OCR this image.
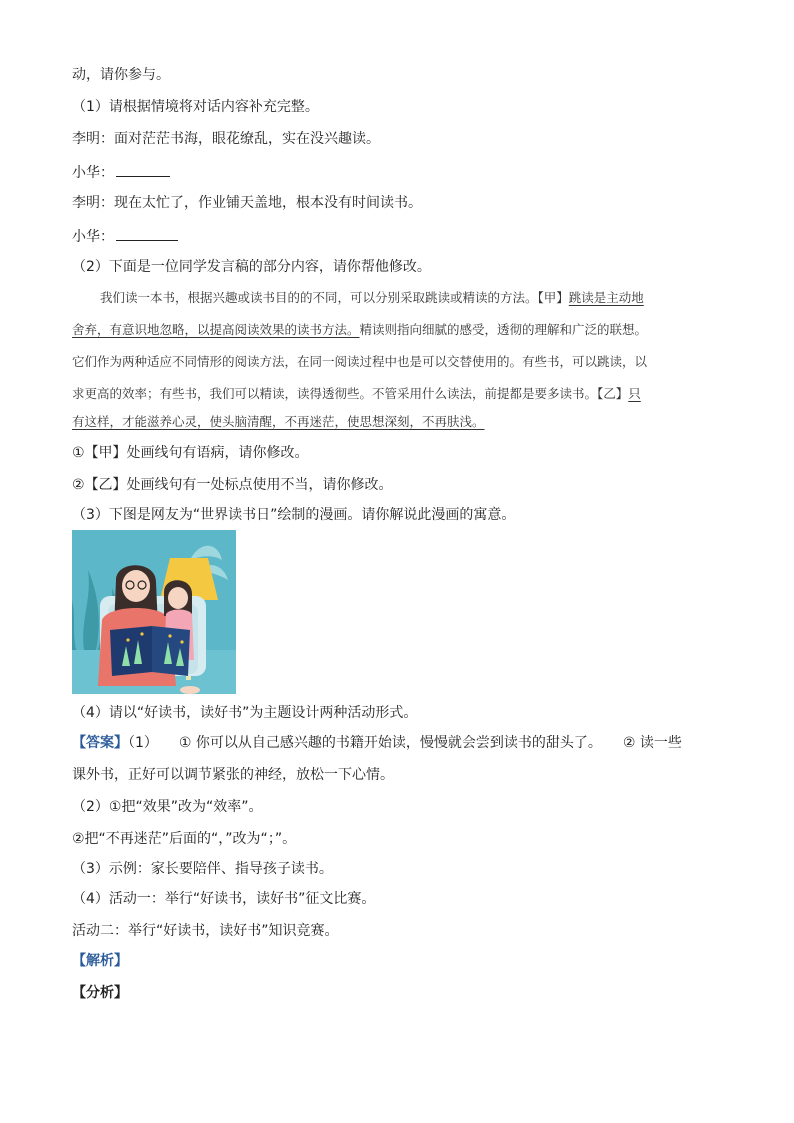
动，请你参与。
（1）请根据情境将对话内容补充完整。
李明：面对茫茫书海，眼花缭乱，实在没兴趣读。
小华：
李明：现在太忙了，作业铺天盖地，根本没有时间读书。
小华：
（2）下面是一位同学发言稿的部分内容，请你帮他修改。
我们读一本书，根据兴趣或读书目的的不同，可以分别采取跳读或精读的方法。【甲】跳读是主动地
舍弃，有意识地忽略，以提高阅读效果的读书方法。精读则指向细腻的感受，透彻的理解和广泛的联想。
它们作为两种适应不同情形的阅读方法，在同一阅读过程中也是可以交替使用的。有些书，可以跳读，以
求更高的效率；有些书，我们可以精读，读得透彻些。不管采用什么读法，前提都是要多读书。【乙】只
有这样，才能滋养心灵，使头脑清醒，不再迷茫，使思想深刻，不再肤浅。
①【甲】处画线句有语病，请你修改。
②【乙】处画线句有一处标点使用不当，请你修改。
（3）下图是网友为“世界读书日”绘制的漫画。请你解说此漫画的寓意。
（4）请以“好读书，读好书”为主题设计两种活动形式。
【答案】（1）　　① 你可以从自己感兴趣的书籍开始读，慢慢就会尝到读书的甜头了。　　② 读一些
课外书，正好可以调节紧张的神经，放松一下心情。
（2）①把“效果”改为“效率”。
②把“不再迷茫”后面的“，”改为“；”。
（3）示例：家长要陪伴、指导孩子读书。
（4）活动一：举行“好读书，读好书”征文比赛。
活动二：举行“好读书，读好书”知识竞赛。
【解析】
【分析】
